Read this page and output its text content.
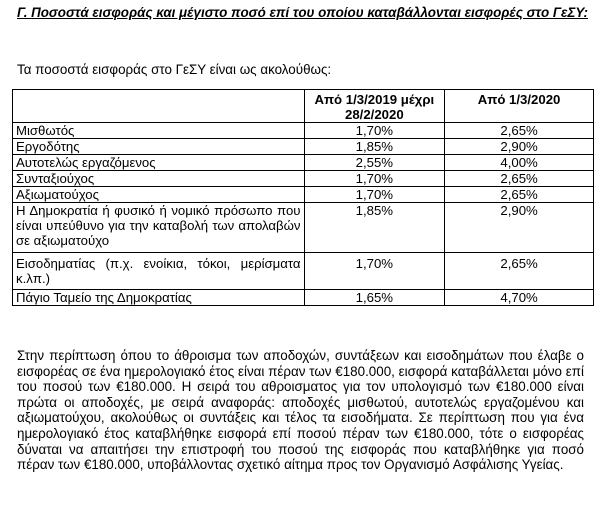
Γ. Ποσοστά εισφοράς και μέγιστο ποσό επί του οποίου καταβάλλονται εισφορές στο ΓεΣΥ:
Τα ποσοστά εισφοράς στο ΓεΣΥ είναι ως ακολούθως:
	Από 1/3/2019 μέχρι 28/2/2020	Από 1/3/2020
Μισθωτός	1,70%	2,65%
Εργοδότης	1,85%	2,90%
Αυτοτελώς εργαζόμενος	2,55%	4,00%
Συνταξιούχος	1,70%	2,65%
Αξιωματούχος	1,70%	2,65%
Η Δημοκρατία ή φυσικό ή νομικό πρόσωπο που είναι υπεύθυνο για την καταβολή των απολαβών σε αξιωματούχο	1,85%	2,90%
Εισοδηματίας (π.χ. ενοίκια, τόκοι, μερίσματα κ.λπ.)	1,70%	2,65%
Πάγιο Ταμείο της Δημοκρατίας	1,65%	4,70%
Στην περίπτωση όπου το άθροισμα των αποδοχών, συντάξεων και εισοδημάτων που έλαβε ο εισφορέας σε ένα ημερολογιακό έτος είναι πέραν των €180.000, εισφορά καταβάλλεται μόνο επί του ποσού των €180.000. Η σειρά του αθροισματος για τον υπολογισμό των €180.000 είναι πρώτα οι αποδοχές, με σειρά αναφοράς: αποδοχές μισθωτού, αυτοτελώς εργαζομένου και αξιωματούχου, ακολούθως οι συντάξεις και τέλος τα εισοδήματα. Σε περίπτωση που για ένα ημερολογιακό έτος καταβλήθηκε εισφορά επί ποσού πέραν των €180.000, τότε ο εισφορέας δύναται να απαιτήσει την επιστροφή του ποσού της εισφοράς που καταβλήθηκε για ποσό πέραν των €180.000, υποβάλλοντας σχετικό αίτημα προς τον Οργανισμό Ασφάλισης Υγείας.
